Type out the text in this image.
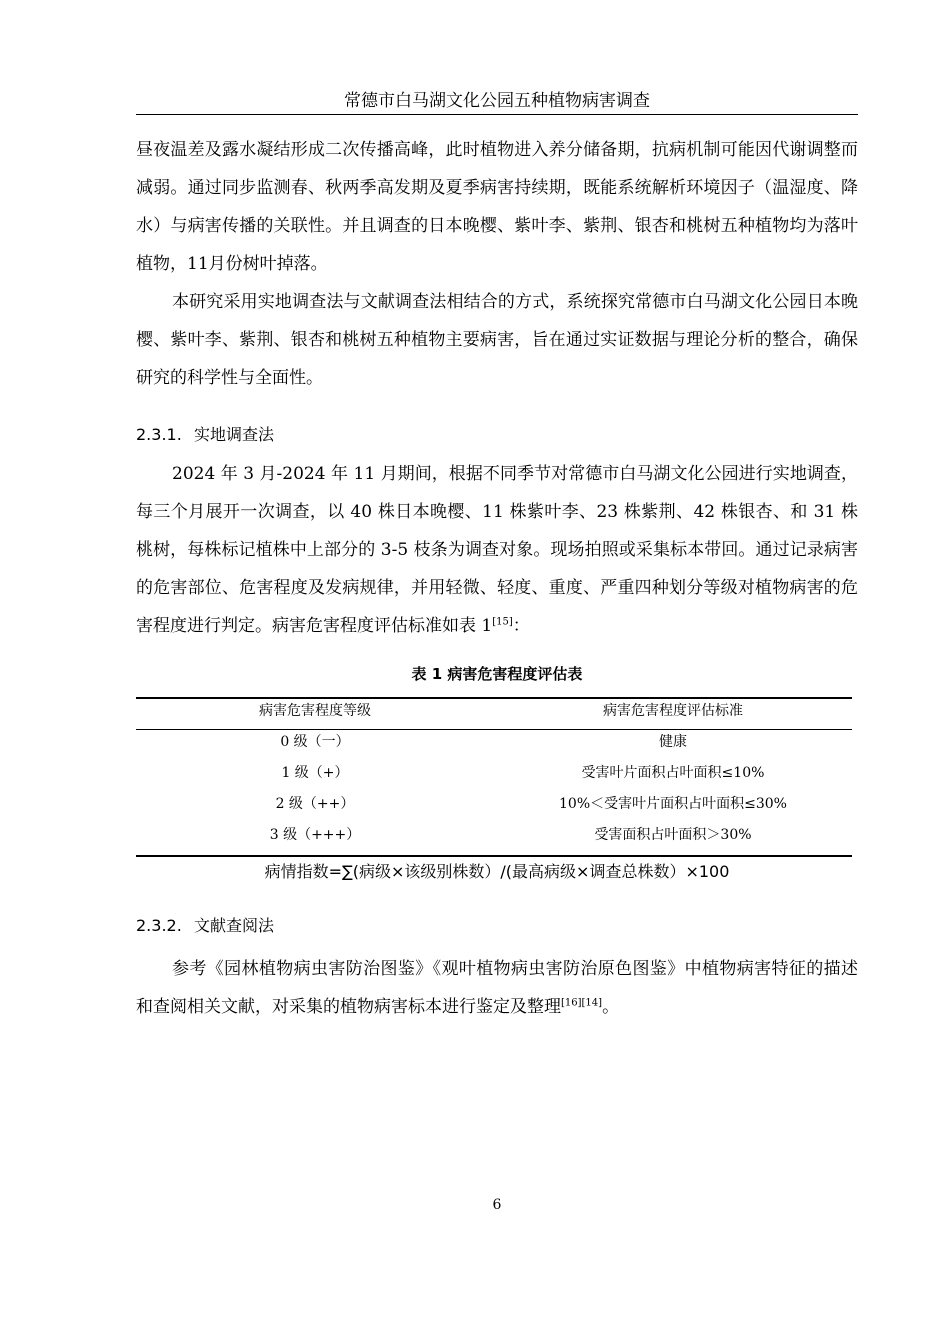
常德市白马湖文化公园五种植物病害调查

昼夜温差及露水凝结形成二次传播高峰，此时植物进入养分储备期，抗病机制可能因代谢调整而减弱。通过同步监测春、秋两季高发期及夏季病害持续期，既能系统解析环境因子（温湿度、降水）与病害传播的关联性。并且调查的日本晚樱、紫叶李、紫荆、银杏和桃树五种植物均为落叶植物，11月份树叶掉落。

本研究采用实地调查法与文献调查法相结合的方式，系统探究常德市白马湖文化公园日本晚樱、紫叶李、紫荆、银杏和桃树五种植物主要病害，旨在通过实证数据与理论分析的整合，确保研究的科学性与全面性。

2.3.1. 实地调查法

2024 年 3 月-2024 年 11 月期间，根据不同季节对常德市白马湖文化公园进行实地调查，每三个月展开一次调查，以 40 株日本晚樱、11 株紫叶李、23 株紫荆、42 株银杏、和 31 株桃树，每株标记植株中上部分的 3-5 枝条为调查对象。现场拍照或采集标本带回。通过记录病害的危害部位、危害程度及发病规律，并用轻微、轻度、重度、严重四种划分等级对植物病害的危害程度进行判定。病害危害程度评估标准如表 1[15]：

表 1 病害危害程度评估表
病害危害程度等级	病害危害程度评估标准
0 级（一）	健康
1 级（+）	受害叶片面积占叶面积≤10%
2 级（++）	10%＜受害叶片面积占叶面积≤30%
3 级（+++）	受害面积占叶面积＞30%
病情指数=∑(病级×该级别株数）/(最高病级×调查总株数）×100
2.3.2. 文献查阅法

参考《园林植物病虫害防治图鉴》《观叶植物病虫害防治原色图鉴》中植物病害特征的描述和查阅相关文献，对采集的植物病害标本进行鉴定及整理[16][14]。

6
